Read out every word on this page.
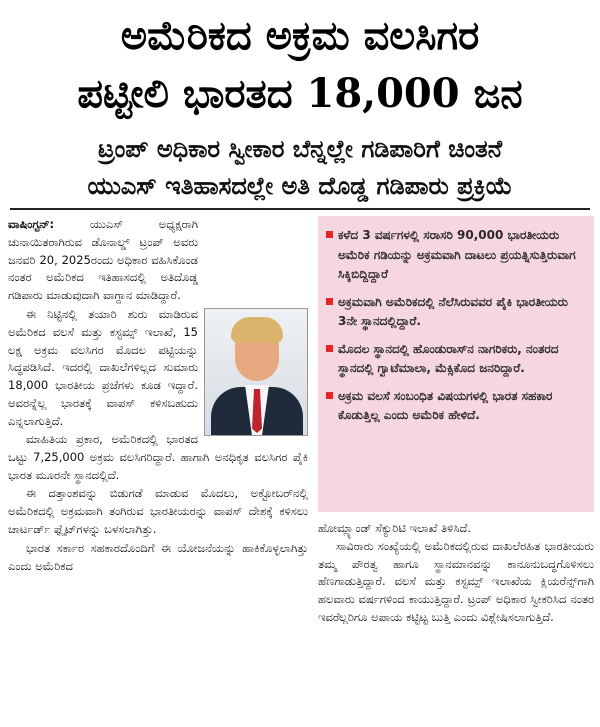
ಅಮೆರಿಕದ ಅಕ್ರಮ ವಲಸಿಗರ
ಪಟ್ಟೀಲಿ ಭಾರತದ 18,000 ಜನ
ಟ್ರಂಪ್ ಅಧಿಕಾರ ಸ್ವೀಕಾರ ಬೆನ್ನಲ್ಲೇ ಗಡಿಪಾರಿಗೆ ಚಿಂತನೆ
ಯುಎಸ್ ಇತಿಹಾಸದಲ್ಲೇ ಅತಿ ದೊಡ್ಡ ಗಡಿಪಾರು ಪ್ರಕ್ರಿಯೆ

ವಾಷಿಂಗ್ಟನ್:	ಯುಎಸ್ ಅಧ್ಯಕ್ಷರಾಗಿ ಚುನಾಯಿತರಾಗಿರುವ ಡೊನಾಲ್ಡ್ ಟ್ರಂಪ್ ಅವರು ಜನವರಿ 20, 2025ರಂದು ಅಧಿಕಾರ ವಹಿಸಿಕೊಂಡ ನಂತರ ಅಮೆರಿಕದ ಇತಿಹಾಸದಲ್ಲಿ ಅತಿದೊಡ್ಡ ಗಡಿಪಾರು ಮಾಡುವುದಾಗಿ ವಾಗ್ದಾನ ಮಾಡಿದ್ದಾರೆ.

ಈ ನಿಟ್ಟಿನಲ್ಲಿ ತಯಾರಿ ಶುರು ಮಾಡಿರುವ ಅಮೆರಿಕದ ವಲಸೆ ಮತ್ತು ಕಸ್ಟಮ್ಸ್ ಇಲಾಖೆ, 15 ಲಕ್ಷ ಅಕ್ರಮ ವಲಸಿಗರ ಮೊದಲ ಪಟ್ಟಿಯನ್ನು ಸಿದ್ಧಪಡಿಸಿದೆ. ಇದರಲ್ಲಿ ದಾಖಲೆಗಳಿಲ್ಲದ ಸುಮಾರು 18,000 ಭಾರತೀಯ ಪ್ರಜೆಗಳು ಕೂಡ ಇದ್ದಾರೆ. ಅವರನ್ನೆಲ್ಲ ಭಾರತಕ್ಕೆ ವಾಪಸ್ ಕಳಿಸಬಹುದು ಎನ್ನಲಾಗುತ್ತಿದೆ.

ಮಾಹಿತಿಯ ಪ್ರಕಾರ, ಅಮೆರಿಕದಲ್ಲಿ ಭಾರತದ ಒಟ್ಟು 7,25,000 ಅಕ್ರಮ ವಲಸಿಗರಿದ್ದಾರೆ. ಹಾಗಾಗಿ ಅನಧಿಕೃತ ವಲಸಿಗರ ಪೈಕಿ ಭಾರತ ಮೂರನೇ ಸ್ಥಾನದಲ್ಲಿದೆ.

ಈ ದತ್ತಾಂಶವನ್ನು ಬಿಡುಗಡೆ ಮಾಡುವ ಮೊದಲು, ಅಕ್ಟೋಬರ್‌ನಲ್ಲಿ ಅಮೆರಿಕದಲ್ಲಿ ಅಕ್ರಮವಾಗಿ ತಂಗಿರುವ ಭಾರತೀಯರನ್ನು ವಾಪಸ್ ದೇಶಕ್ಕೆ ಕಳಿಸಲು ಚಾರ್ಟರ್ಡ್ ಫ್ಲೈಟ್‌ಗಳನ್ನು ಬಳಸಲಾಗಿತ್ತು.

ಭಾರತ ಸರ್ಕಾರ ಸಹಕಾರದೊಂದಿಗೆ ಈ ಯೋಜನೆಯನ್ನು ಹಾಕಿಕೊಳ್ಳಲಾಗಿತ್ತು ಎಂದು ಅಮೆರಿಕದ

ಕಳೆದ 3 ವರ್ಷಗಳಲ್ಲಿ ಸರಾಸರಿ 90,000 ಭಾರತೀಯರು ಅಮೆರಿಕ ಗಡಿಯನ್ನು ಅಕ್ರಮವಾಗಿ ದಾಟಲು ಪ್ರಯತ್ನಿಸುತ್ತಿರುವಾಗ ಸಿಕ್ಕಿಬಿದ್ದಿದ್ದಾರೆ
ಅಕ್ರಮವಾಗಿ ಅಮೆರಿಕದಲ್ಲಿ ನೆಲೆಸಿರುವವರ ಪೈಕಿ ಭಾರತೀಯರು 3ನೇ ಸ್ಥಾನದಲ್ಲಿದ್ದಾರೆ.
ಮೊದಲ ಸ್ಥಾನದಲ್ಲಿ ಹೊಂಡುರಾಸ್‌ನ ನಾಗರಿಕರು, ನಂತರದ ಸ್ಥಾನದಲ್ಲಿ ಗ್ವಾಟೆಮಾಲಾ, ಮೆಕ್ಸಿಕೊದ ಜನರಿದ್ದಾರೆ.
ಅಕ್ರಮ ವಲಸೆ ಸಂಬಂಧಿತ ವಿಷಯಗಳಲ್ಲಿ ಭಾರತ ಸಹಕಾರ ಕೊಡುತ್ತಿಲ್ಲ ಎಂದು ಅಮೆರಿಕ ಹೇಳಿದೆ.

ಹೋಮ್ಲ್ಯಾಂಡ್ ಸೆಕ್ಯುರಿಟಿ ಇಲಾಖೆ ತಿಳಿಸಿದೆ.

ಸಾವಿರಾರು ಸಂಖ್ಯೆಯಲ್ಲಿ ಅಮೆರಿಕದಲ್ಲಿರುವ ದಾಖಲೆರಹಿತ ಭಾರತೀಯರು ತಮ್ಮ ಪೌರತ್ವ ಹಾಗೂ ಸ್ಥಾನಮಾನವನ್ನು ಕಾನೂನುಬದ್ಧಗೊಳಿಸಲು ಹೆಣಗಾಡುತ್ತಿದ್ದಾರೆ. ವಲಸೆ ಮತ್ತು ಕಸ್ಟಮ್ಸ್ ಇಲಾಖೆಯ ಕ್ಲಿಯರೆನ್ಸ್‌ಗಾಗಿ ಹಲವಾರು ವರ್ಷಗಳಿಂದ ಕಾಯುತ್ತಿದ್ದಾರೆ. ಟ್ರಂಪ್ ಅಧಿಕಾರ ಸ್ವೀಕರಿಸಿದ ನಂತರ ಇವರೆಲ್ಲರಿಗೂ ಅಪಾಯ ಕಟ್ಟಿಟ್ಟ ಬುತ್ತಿ ಎಂದು ವಿಶ್ಲೇಷಿಸಲಾಗುತ್ತಿದೆ.
